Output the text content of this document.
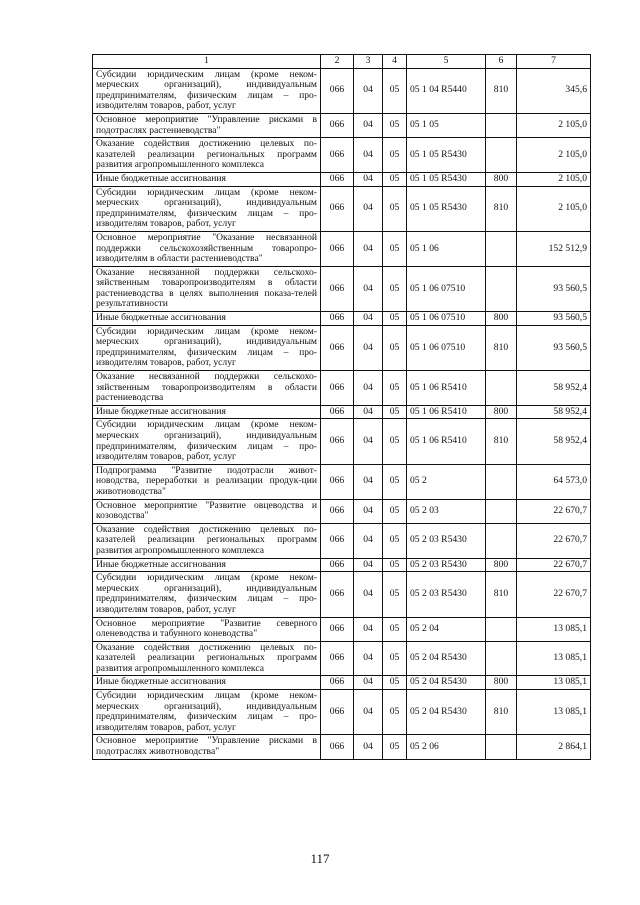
1	2	3	4	5	6	7
Субсидии юридическим лицам (кроме неком-мерческих организаций), индивидуальным предпринимателям, физическим лицам – про-изводителям товаров, работ, услуг	066	04	05	05 1 04 R5440	810	345,6
Основное мероприятие "Управление рисками в подотраслях растениеводства"	066	04	05	05 1 05		2 105,0
Оказание содействия достижению целевых по-казателей реализации региональных программ развития агропромышленного комплекса	066	04	05	05 1 05 R5430		2 105,0
Иные бюджетные ассигнования	066	04	05	05 1 05 R5430	800	2 105,0
Субсидии юридическим лицам (кроме неком-мерческих организаций), индивидуальным предпринимателям, физическим лицам – про-изводителям товаров, работ, услуг	066	04	05	05 1 05 R5430	810	2 105,0
Основное мероприятие "Оказание несвязанной поддержки сельскохозяйственным товаропро-изводителям в области растениеводства"	066	04	05	05 1 06		152 512,9
Оказание несвязанной поддержки сельскохо-зяйственным товаропроизводителям в области растениеводства в целях выполнения показа-телей результативности	066	04	05	05 1 06 07510		93 560,5
Иные бюджетные ассигнования	066	04	05	05 1 06 07510	800	93 560,5
Субсидии юридическим лицам (кроме неком-мерческих организаций), индивидуальным предпринимателям, физическим лицам – про-изводителям товаров, работ, услуг	066	04	05	05 1 06 07510	810	93 560,5
Оказание несвязанной поддержки сельскохо-зяйственным товаропроизводителям в области растениеводства	066	04	05	05 1 06 R5410		58 952,4
Иные бюджетные ассигнования	066	04	05	05 1 06 R5410	800	58 952,4
Субсидии юридическим лицам (кроме неком-мерческих организаций), индивидуальным предпринимателям, физическим лицам – про-изводителям товаров, работ, услуг	066	04	05	05 1 06 R5410	810	58 952,4
Подпрограмма "Развитие подотрасли живот-новодства, переработки и реализации продук-ции животноводства"	066	04	05	05 2		64 573,0
Основное мероприятие "Развитие овцеводства и козоводства"	066	04	05	05 2 03		22 670,7
Оказание содействия достижению целевых по-казателей реализации региональных программ развития агропромышленного комплекса	066	04	05	05 2 03 R5430		22 670,7
Иные бюджетные ассигнования	066	04	05	05 2 03 R5430	800	22 670,7
Субсидии юридическим лицам (кроме неком-мерческих организаций), индивидуальным предпринимателям, физическим лицам – про-изводителям товаров, работ, услуг	066	04	05	05 2 03 R5430	810	22 670,7
Основное мероприятие "Развитие северного оленеводства и табунного коневодства"	066	04	05	05 2 04		13 085,1
Оказание содействия достижению целевых по-казателей реализации региональных программ развития агропромышленного комплекса	066	04	05	05 2 04 R5430		13 085,1
Иные бюджетные ассигнования	066	04	05	05 2 04 R5430	800	13 085,1
Субсидии юридическим лицам (кроме неком-мерческих организаций), индивидуальным предпринимателям, физическим лицам – про-изводителям товаров, работ, услуг	066	04	05	05 2 04 R5430	810	13 085,1
Основное мероприятие "Управление рисками в подотраслях животноводства"	066	04	05	05 2 06		2 864,1
117
